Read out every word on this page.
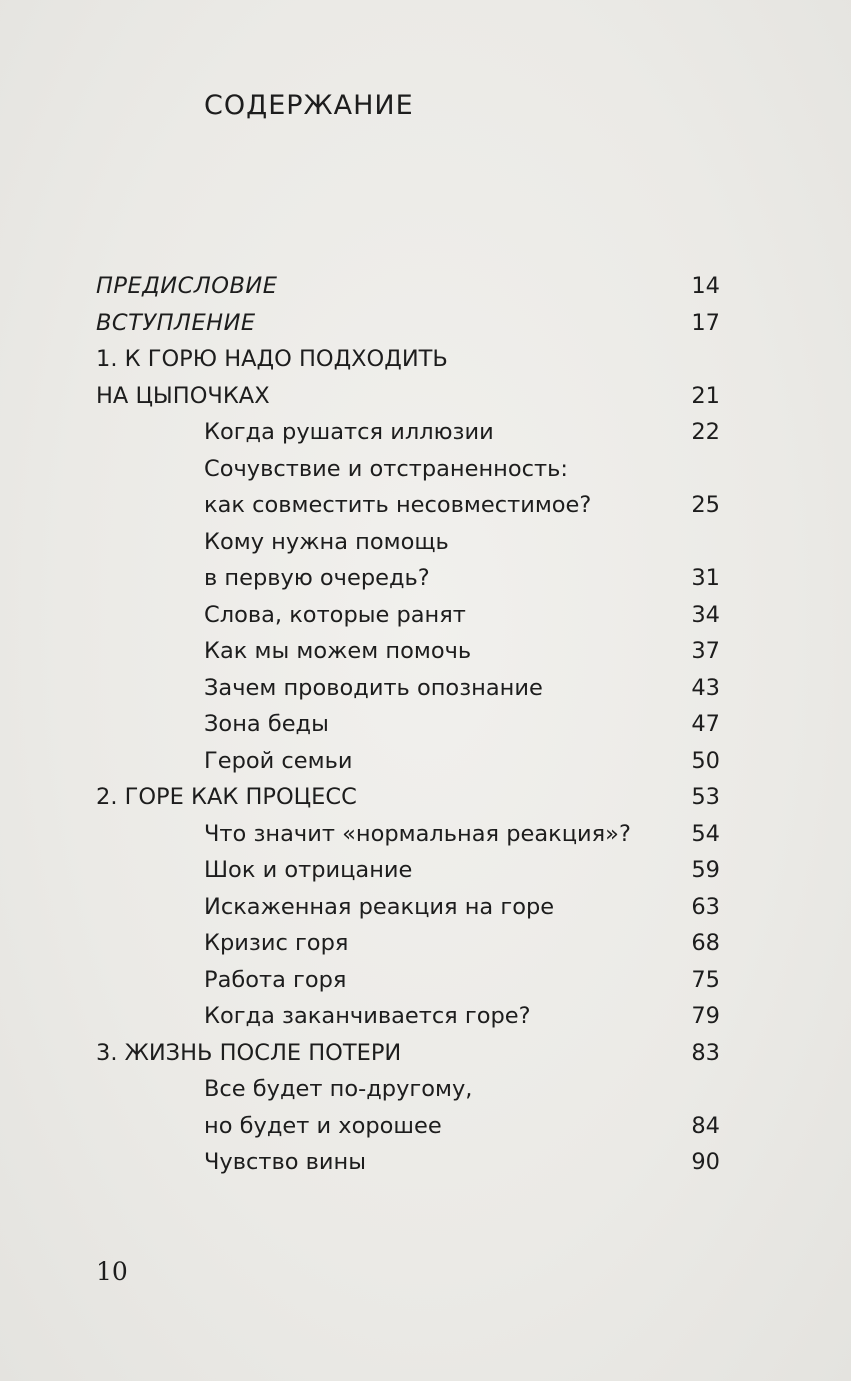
СОДЕРЖАНИЕ
ПРЕДИСЛОВИЕ	14
ВСТУПЛЕНИЕ	17
1. К ГОРЮ НАДО ПОДХОДИТЬ
НА ЦЫПОЧКАХ	21
Когда рушатся иллюзии	22
Сочувствие и отстраненность:
как совместить несовместимое?	25
Кому нужна помощь
в первую очередь?	31
Слова, которые ранят	34
Как мы можем помочь	37
Зачем проводить опознание	43
Зона беды	47
Герой семьи	50
2. ГОРЕ КАК ПРОЦЕСС	53
Что значит «нормальная реакция»?	54
Шок и отрицание	59
Искаженная реакция на горе	63
Кризис горя	68
Работа горя	75
Когда заканчивается горе?	79
3. ЖИЗНЬ ПОСЛЕ ПОТЕРИ	83
Все будет по-другому,
но будет и хорошее	84
Чувство вины	90
10
